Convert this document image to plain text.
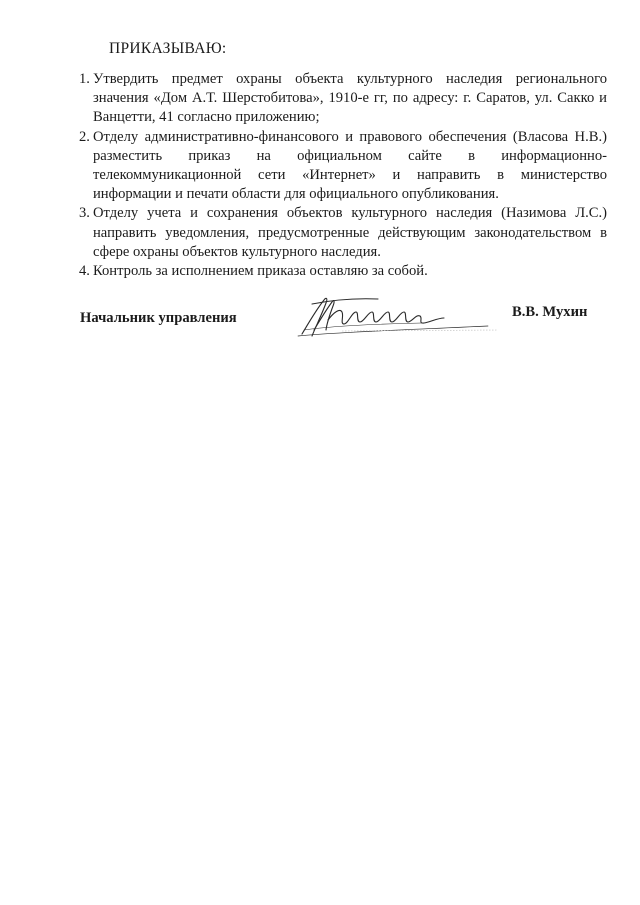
ПРИКАЗЫВАЮ:
1. Утвердить предмет охраны объекта культурного наследия регионального значения «Дом А.Т. Шерстобитова», 1910-е гг, по адресу: г. Саратов, ул. Сакко и Ванцетти, 41 согласно приложению;
2. Отделу административно-финансового и правового обеспечения (Власова Н.В.) разместить приказ на официальном сайте в информационно-телекоммуникационной сети «Интернет» и направить в министерство информации и печати области для официального опубликования.
3. Отделу учета и сохранения объектов культурного наследия (Назимова Л.С.) направить уведомления, предусмотренные действующим законодательством в сфере охраны объектов культурного наследия.
4. Контроль за исполнением приказа оставляю за собой.
Начальник управления	В.В. Мухин
